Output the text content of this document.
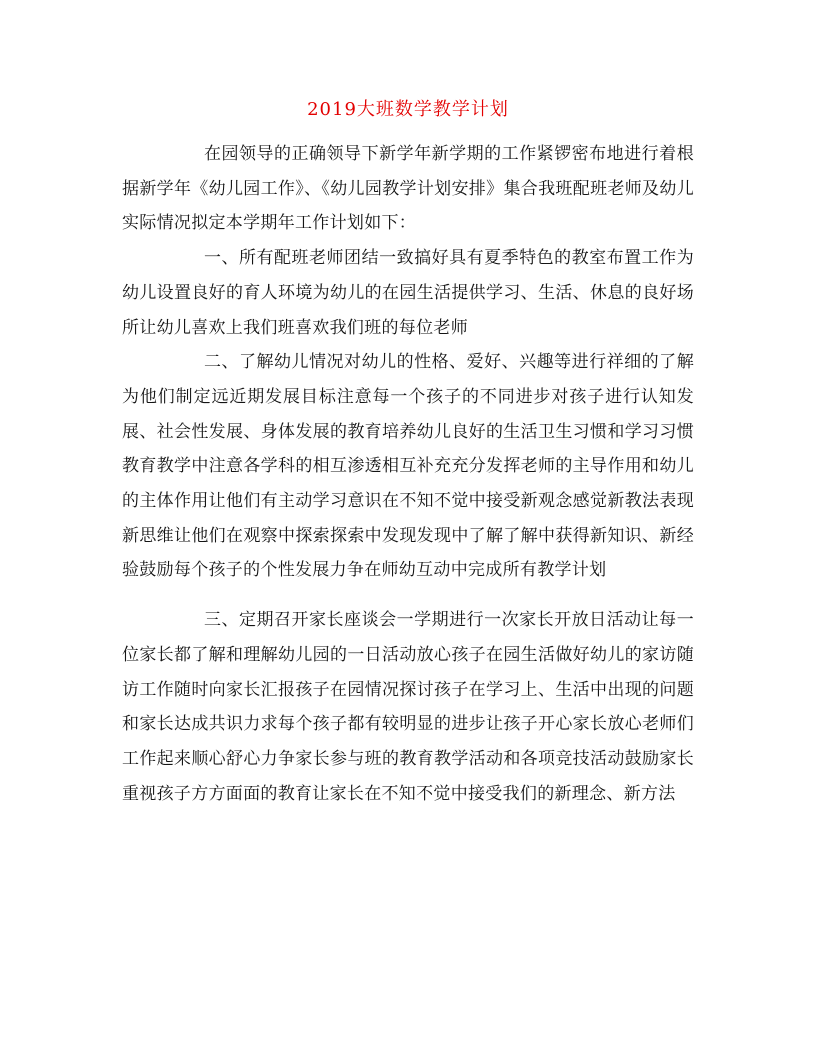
2019大班数学教学计划

在园领导的正确领导下新学年新学期的工作紧锣密布地进行着根据新学年《幼儿园工作》、《幼儿园教学计划安排》集合我班配班老师及幼儿实际情况拟定本学期年工作计划如下：

一、所有配班老师团结一致搞好具有夏季特色的教室布置工作为幼儿设置良好的育人环境为幼儿的在园生活提供学习、生活、休息的良好场所让幼儿喜欢上我们班喜欢我们班的每位老师

二、了解幼儿情况对幼儿的性格、爱好、兴趣等进行祥细的了解为他们制定远近期发展目标注意每一个孩子的不同进步对孩子进行认知发展、社会性发展、身体发展的教育培养幼儿良好的生活卫生习惯和学习习惯教育教学中注意各学科的相互渗透相互补充充分发挥老师的主导作用和幼儿的主体作用让他们有主动学习意识在不知不觉中接受新观念感觉新教法表现新思维让他们在观察中探索探索中发现发现中了解了解中获得新知识、新经验鼓励每个孩子的个性发展力争在师幼互动中完成所有教学计划

三、定期召开家长座谈会一学期进行一次家长开放日活动让每一位家长都了解和理解幼儿园的一日活动放心孩子在园生活做好幼儿的家访随访工作随时向家长汇报孩子在园情况探讨孩子在学习上、生活中出现的问题和家长达成共识力求每个孩子都有较明显的进步让孩子开心家长放心老师们工作起来顺心舒心力争家长参与班的教育教学活动和各项竞技活动鼓励家长重视孩子方方面面的教育让家长在不知不觉中接受我们的新理念、新方法
